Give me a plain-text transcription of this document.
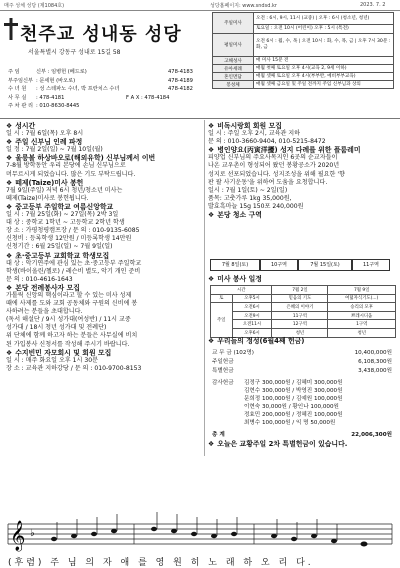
매주 성체 성당 (제1084호)	성당홈페이지: www.sndsd.kr	2023. 7. 2
천주교 성내동 성당
서울특별시 강동구 성내로 15길 58
주 임	신부 : 임병헌 (베드로)	478-4183
부주임신부 : 문세현 (바오로)	478-4189
수 녀 원 : 성 스테파노 수녀, 박 프란치스 수녀	478-4182
사 무 실 : 478-4181	F A X : 478-4184
주 차 관 리 : 010-8630-8445
주일미사	오전 : 6시, 9시, 11시 (교중) | 오후 : 6시 (청소년, 청년)
	토요일 : 오전 10시 (어린이) 오후 : 5시 (특전)
평일미사	오전 6시 : 월, 수, 목 | 오전 10시 : 화, 수, 목, 금 | 오후 7시 30분 : 화, 금
고해성사	매 미사 15분 전
유아세례	매월 첫째 토요일 오후 4시(교육 2, 9세 이하)
혼인면담	매월 셋째 토요일 오후 4시(부부반, 예비부부교육)
봉성체	매월 셋째 금요일 및 주일 전까지 주임 신부님과 상의

❖ 성시간

일 시 : 7월 6일(목) 오후 8시

❖ 주일 신부님 인례 파정

일 정 : 7월 2일(일) ~ 7월 10일(월)

❖ 울릉볼 하상바오로(해외유학) 신부님께서 이번

7-8월 방학동안 우리 본당에 손님 신부님으로

머무르시게 되었습니다. 많은 기도 부탁드립니다.

❖ 떼제(Taize)미사 봉헌

7월 9일(주일) 저녁 6시 청년/청소년 미사는

떼제(Taize)미사로 봉헌됩니다.

❖ 중고등부 주일학교 여름신앙학교

일 시 : 7월 25일(화) ~ 27일(목) 2박 3일

대 상 : 중학교 1학년 ~ 고등학교 2학년 학생

장 소 : 가평청평캠프장 / 문 의 : 010-9135-6085

신청비 : 등록학생 12만원 / 미등록학생 14만원

신청기간 : 6월 25일(일) ~ 7월 9일(일)

❖ 초·중고등부 교회학교 학생모집

대 상 : 악기연주에 관심 있는 초·중고등부 주일학교

학생(바이올린/첼로) / 레슨비 별도, 악기 개인 준비

문 의 : 010-4616-1643

❖ 본당 전례봉사자 모집

가톨릭 신앙의 핵심이라고 할 수 있는 미사 성제

때에 사제를 도와 교회 공동체와 구원의 신비에 봉

사하려는 분들을 초대합니다.

(독서 해설단 / 9시 성가대(여성반) / 11시 교중

성가대 / 18시 청년 성가대 및 전례단)

위 단체에 함께 하고자 하는 분들은 사무실에 비치

된 가입봉사 신청서를 작성해 주시기 바랍니다.

❖ 수지빈민 자모회시 및 회원 모집

일 시 : 매주 화요일 오후 1시 30분

장 소 : 교육관 지하강당 / 문 의 : 010-9700-8153

❖ 비독시랑회 회원 모집

일 시 : 주일 오후 2시, 교육관 지하

문 의 : 010-3660-9404, 010-5215-8472

❖ 병인양요(丙寅洋擾) 성지 다례를 위한 플룸레미

피양업 신부님의 주요사목지인 6곳의 순교자들이

나온 교우촌이 형성되어 왔던 봉황공소가 2020년

성지로 선포되었습니다. 성지조성을 위해 필요한 '향

판 팔 사기운동'을 위하여 도움을 요청합니다.

일시 : 7월 1일(토) ~ 2일(일)

품목: 고춧가루 1kg 35,000원,

발효흑마늘 15g 150포 240,000원

❖ 본당 청소 구역

7월 8일(토)	10구역	7월 15일(토)	11구역

❖ 미사 봉사 일정

시간		7월 2일	7월 9일
토	오후5시	믿음의 기도	여덟자식기도(...)
주일	오전6시	은혜의 이야기	승리의 모후
	오전9시	11구역	쁘레시디움
	오전11시	12구역	1구역
	오후6시	청년	청년

❖ 우리들의 정성(6월4째 헌금)

교 무 금 (102명)	10,400,000원
주일헌금	6,108,300원
특별헌금	3,438,000원
감사헌금 김정구 300,000원 / 김혜미 300,000원
김현수 300,000원 / 박영진 300,000원
문희정 100,000원 / 김예원 100,000원
이현숙 30,000원 / 황인나 100,000원
정효민 200,000원 / 정혜진 100,000원
최병수 100,000원 / 익 명 50,000원
총 계	22,006,300원

❖ 오늘은 교황주일 2차 특별헌금이 있습니다.

𝄞 ♭
(후렴) 주 님 의 자 애 를 영 원 히 노 래 하 오 리 다.
